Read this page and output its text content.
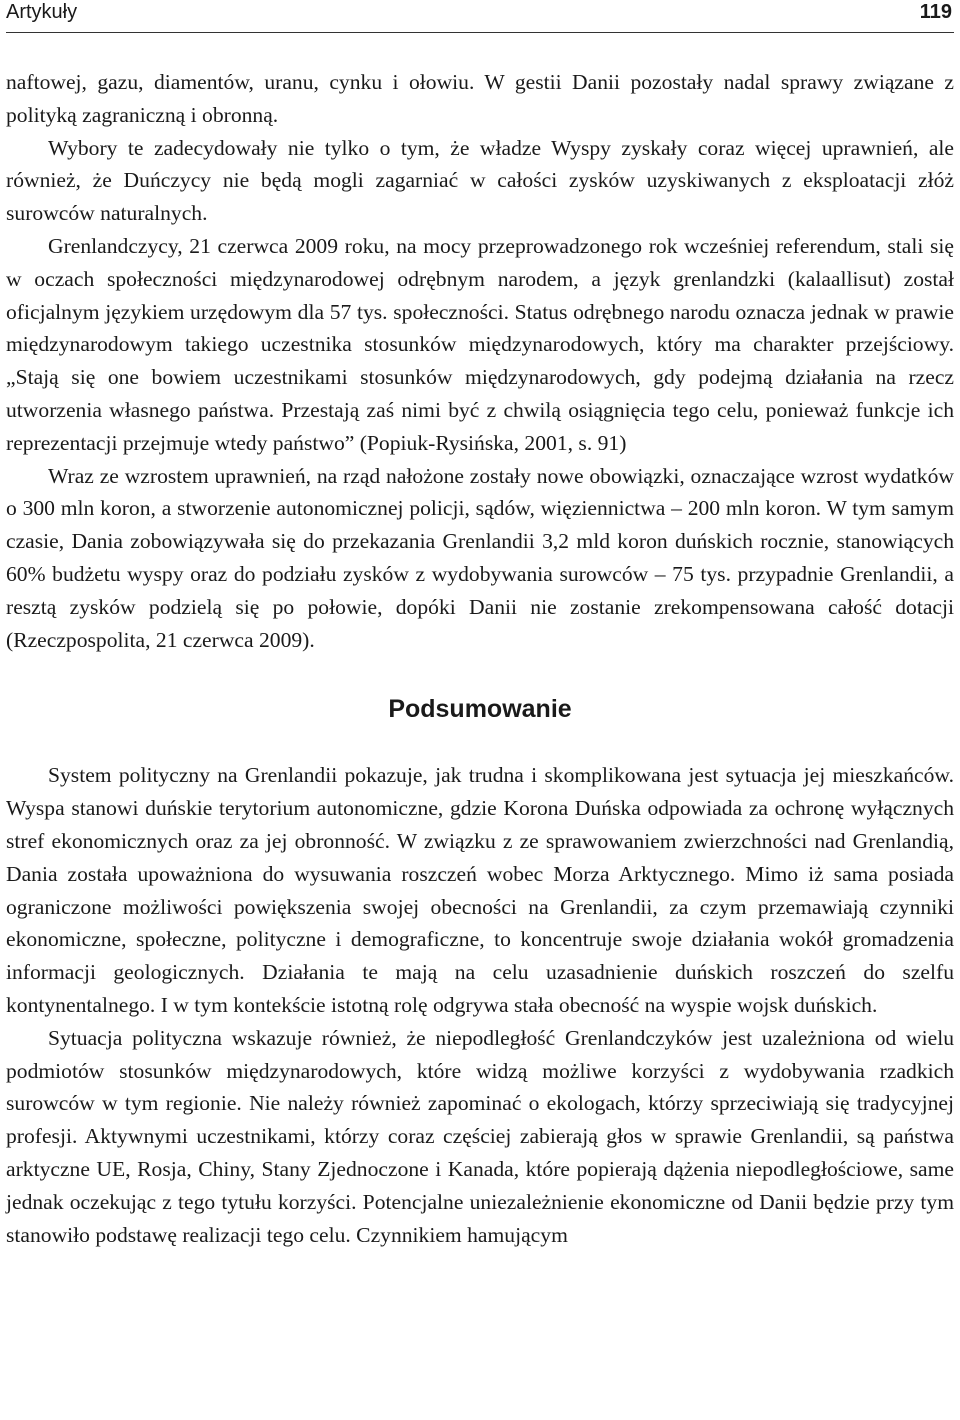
Artykuły	119

naftowej, gazu, diamentów, uranu, cynku i ołowiu. W gestii Danii pozostały nadal sprawy związane z polityką zagraniczną i obronną.

Wybory te zadecydowały nie tylko o tym, że władze Wyspy zyskały coraz więcej uprawnień, ale również, że Duńczycy nie będą mogli zagarniać w całości zysków uzyskiwanych z eksploatacji złóż surowców naturalnych.

Grenlandczycy, 21 czerwca 2009 roku, na mocy przeprowadzonego rok wcześniej referendum, stali się w oczach społeczności międzynarodowej odrębnym narodem, a język grenlandzki (kalaallisut) został oficjalnym językiem urzędowym dla 57 tys. społeczności. Status odrębnego narodu oznacza jednak w prawie międzynarodowym takiego uczestnika stosunków międzynarodowych, który ma charakter przejściowy. „Stają się one bowiem uczestnikami stosunków międzynarodowych, gdy podejmą działania na rzecz utworzenia własnego państwa. Przestają zaś nimi być z chwilą osiągnięcia tego celu, ponieważ funkcje ich reprezentacji przejmuje wtedy państwo” (Popiuk-Rysińska, 2001, s. 91)

Wraz ze wzrostem uprawnień, na rząd nałożone zostały nowe obowiązki, oznaczające wzrost wydatków o 300 mln koron, a stworzenie autonomicznej policji, sądów, więziennictwa – 200 mln koron. W tym samym czasie, Dania zobowiązywała się do przekazania Grenlandii 3,2 mld koron duńskich rocznie, stanowiących 60% budżetu wyspy oraz do podziału zysków z wydobywania surowców – 75 tys. przypadnie Grenlandii, a resztą zysków podzielą się po połowie, dopóki Danii nie zostanie zrekompensowana całość dotacji (Rzeczpospolita, 21 czerwca 2009).

Podsumowanie

System polityczny na Grenlandii pokazuje, jak trudna i skomplikowana jest sytuacja jej mieszkańców. Wyspa stanowi duńskie terytorium autonomiczne, gdzie Korona Duńska odpowiada za ochronę wyłącznych stref ekonomicznych oraz za jej obronność. W związku z ze sprawowaniem zwierzchności nad Grenlandią, Dania została upoważniona do wysuwania roszczeń wobec Morza Arktycznego. Mimo iż sama posiada ograniczone możliwości powiększenia swojej obecności na Grenlandii, za czym przemawiają czynniki ekonomiczne, społeczne, polityczne i demograficzne, to koncentruje swoje działania wokół gromadzenia informacji geologicznych. Działania te mają na celu uzasadnienie duńskich roszczeń do szelfu kontynentalnego. I w tym kontekście istotną rolę odgrywa stała obecność na wyspie wojsk duńskich.

Sytuacja polityczna wskazuje również, że niepodległość Grenlandczyków jest uzależniona od wielu podmiotów stosunków międzynarodowych, które widzą możliwe korzyści z wydobywania rzadkich surowców w tym regionie. Nie należy również zapominać o ekologach, którzy sprzeciwiają się tradycyjnej profesji. Aktywnymi uczestnikami, którzy coraz częściej zabierają głos w sprawie Grenlandii, są państwa arktyczne UE, Rosja, Chiny, Stany Zjednoczone i Kanada, które popierają dążenia niepodległościowe, same jednak oczekując z tego tytułu korzyści. Potencjalne uniezależnienie ekonomiczne od Danii będzie przy tym stanowiło podstawę realizacji tego celu. Czynnikiem hamującym
